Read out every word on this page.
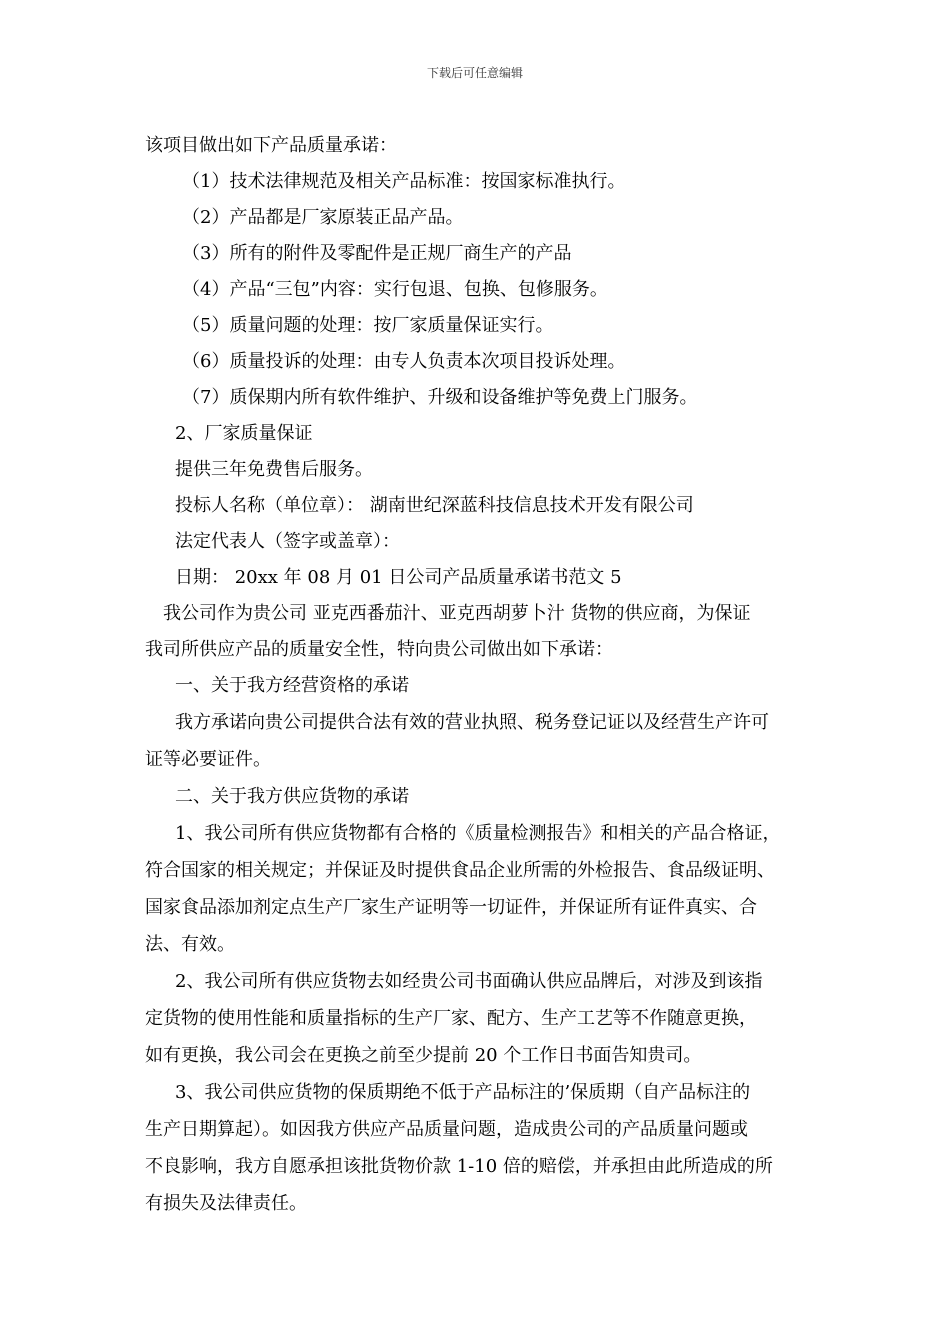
下载后可任意编辑
该项目做出如下产品质量承诺：
（1）技术法律规范及相关产品标准：按国家标准执行。
（2）产品都是厂家原装正品产品。
（3）所有的附件及零配件是正规厂商生产的产品
（4）产品“三包”内容：实行包退、包换、包修服务。
（5）质量问题的处理：按厂家质量保证实行。
（6）质量投诉的处理：由专人负责本次项目投诉处理。
（7）质保期内所有软件维护、升级和设备维护等免费上门服务。
2、厂家质量保证
提供三年免费售后服务。
投标人名称（单位章）： 湖南世纪深蓝科技信息技术开发有限公司
法定代表人（签字或盖章）：
日期： 20xx 年 08 月 01 日公司产品质量承诺书范文 5
我公司作为贵公司 亚克西番茄汁、亚克西胡萝卜汁 货物的供应商，为保证
我司所供应产品的质量安全性，特向贵公司做出如下承诺：
一、关于我方经营资格的承诺
我方承诺向贵公司提供合法有效的营业执照、税务登记证以及经营生产许可
证等必要证件。
二、关于我方供应货物的承诺
1、我公司所有供应货物都有合格的《质量检测报告》和相关的产品合格证，
符合国家的相关规定；并保证及时提供食品企业所需的外检报告、食品级证明、
国家食品添加剂定点生产厂家生产证明等一切证件，并保证所有证件真实、合
法、有效。
2、我公司所有供应货物去如经贵公司书面确认供应品牌后，对涉及到该指
定货物的使用性能和质量指标的生产厂家、配方、生产工艺等不作随意更换，
如有更换，我公司会在更换之前至少提前 20 个工作日书面告知贵司。
3、我公司供应货物的保质期绝不低于产品标注的’保质期（自产品标注的
生产日期算起）。如因我方供应产品质量问题，造成贵公司的产品质量问题或
不良影响，我方自愿承担该批货物价款 1-10 倍的赔偿，并承担由此所造成的所
有损失及法律责任。
